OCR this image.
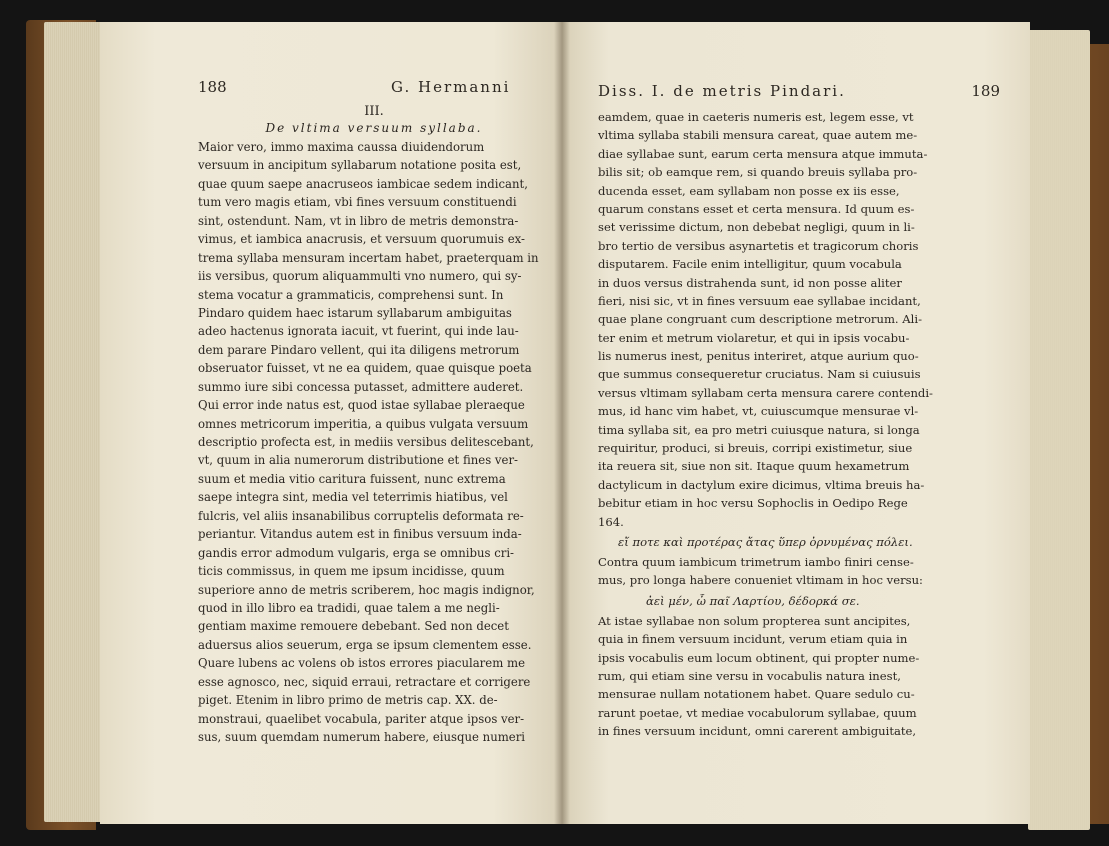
188	G. Hermanni
III.
De vltima versuum syllaba.
Maior vero, immo maxima caussa diuidendorum
versuum in ancipitum syllabarum notatione posita est,
quae quum saepe anacruseos iambicae sedem indicant,
tum vero magis etiam, vbi fines versuum constituendi
sint, ostendunt. Nam, vt in libro de metris demonstra-
vimus, et iambica anacrusis, et versuum quorumuis ex-
trema syllaba mensuram incertam habet, praeterquam in
iis versibus, quorum aliquammulti vno numero, qui sy-
stema vocatur a grammaticis, comprehensi sunt. In
Pindaro quidem haec istarum syllabarum ambiguitas
adeo hactenus ignorata iacuit, vt fuerint, qui inde lau-
dem parare Pindaro vellent, qui ita diligens metrorum
obseruator fuisset, vt ne ea quidem, quae quisque poeta
summo iure sibi concessa putasset, admittere auderet.
Qui error inde natus est, quod istae syllabae pleraeque
omnes metricorum imperitia, a quibus vulgata versuum
descriptio profecta est, in mediis versibus delitescebant,
vt, quum in alia numerorum distributione et fines ver-
suum et media vitio caritura fuissent, nunc extrema
saepe integra sint, media vel teterrimis hiatibus, vel
fulcris, vel aliis insanabilibus corruptelis deformata re-
periantur. Vitandus autem est in finibus versuum inda-
gandis error admodum vulgaris, erga se omnibus cri-
ticis commissus, in quem me ipsum incidisse, quum
superiore anno de metris scriberem, hoc magis indignor,
quod in illo libro ea tradidi, quae talem a me negli-
gentiam maxime remouere debebant. Sed non decet
aduersus alios seuerum, erga se ipsum clementem esse.
Quare lubens ac volens ob istos errores piacularem me
esse agnosco, nec, siquid erraui, retractare et corrigere
piget. Etenim in libro primo de metris cap. XX. de-
monstraui, quaelibet vocabula, pariter atque ipsos ver-
sus, suum quemdam numerum habere, eiusque numeri
Diss. I. de metris Pindari.	189
eamdem, quae in caeteris numeris est, legem esse, vt
vltima syllaba stabili mensura careat, quae autem me-
diae syllabae sunt, earum certa mensura atque immuta-
bilis sit; ob eamque rem, si quando breuis syllaba pro-
ducenda esset, eam syllabam non posse ex iis esse,
quarum constans esset et certa mensura. Id quum es-
set verissime dictum, non debebat negligi, quum in li-
bro tertio de versibus asynartetis et tragicorum choris
disputarem. Facile enim intelligitur, quum vocabula
in duos versus distrahenda sunt, id non posse aliter
fieri, nisi sic, vt in fines versuum eae syllabae incidant,
quae plane congruant cum descriptione metrorum. Ali-
ter enim et metrum violaretur, et qui in ipsis vocabu-
lis numerus inest, penitus interiret, atque aurium quo-
que summus consequeretur cruciatus. Nam si cuiusuis
versus vltimam syllabam certa mensura carere contendi-
mus, id hanc vim habet, vt, cuiuscumque mensurae vl-
tima syllaba sit, ea pro metri cuiusque natura, si longa
requiritur, produci, si breuis, corripi existimetur, siue
ita reuera sit, siue non sit. Itaque quum hexametrum
dactylicum in dactylum exire dicimus, vltima breuis ha-
bebitur etiam in hoc versu Sophoclis in Oedipo Rege
164.
εἴ ποτε καὶ προτέρας ἄτας ὕπερ ὀρνυμένας πόλει.
Contra quum iambicum trimetrum iambo finiri cense-
mus, pro longa habere conueniet vltimam in hoc versu:
ἀεὶ μέν, ὦ παῖ Λαρτίου, δέδορκά σε.
At istae syllabae non solum propterea sunt ancipites,
quia in finem versuum incidunt, verum etiam quia in
ipsis vocabulis eum locum obtinent, qui propter nume-
rum, qui etiam sine versu in vocabulis natura inest,
mensurae nullam notationem habet. Quare sedulo cu-
rarunt poetae, vt mediae vocabulorum syllabae, quum
in fines versuum incidunt, omni carerent ambiguitate,
